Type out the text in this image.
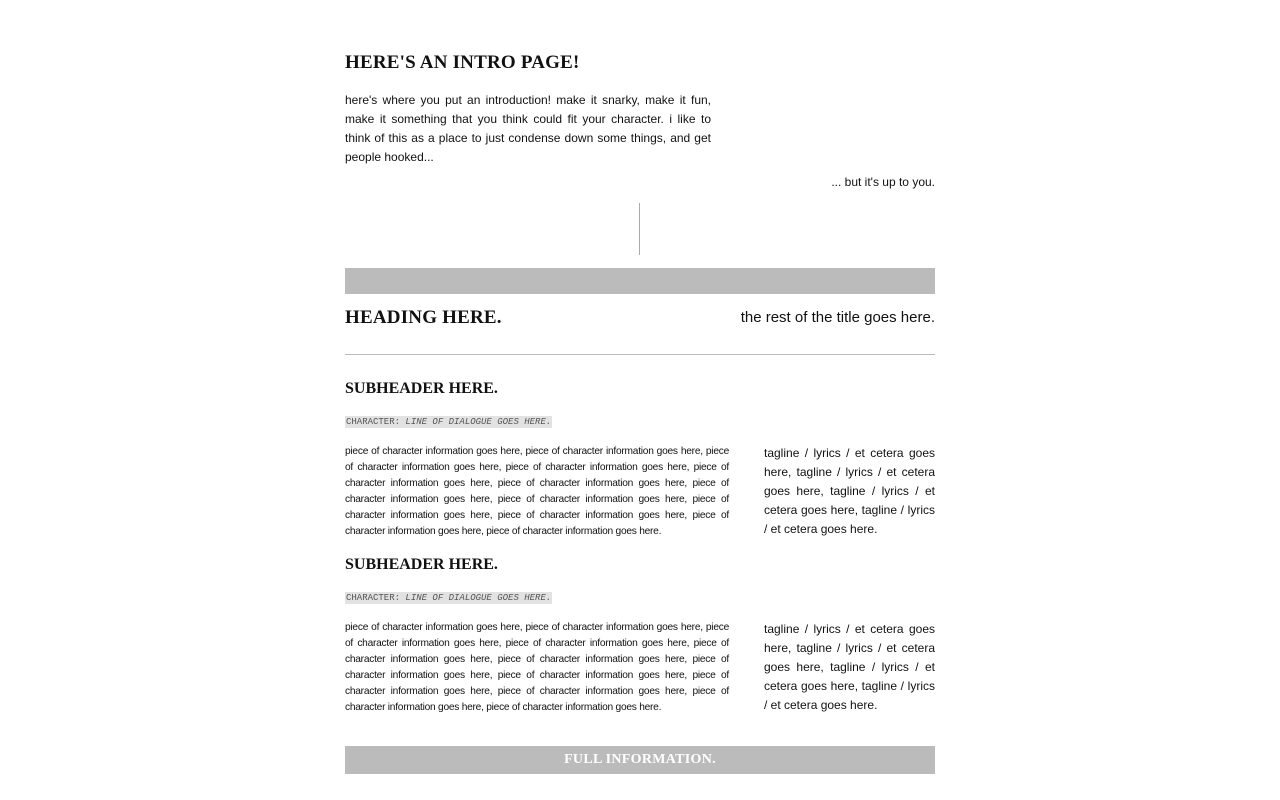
HERE'S AN INTRO PAGE!

here's where you put an introduction! make it snarky, make it fun, make it something that you think could fit your character. i like to think of this as a place to just condense down some things, and get people hooked...

... but it's up to you.
HEADING HERE.	the rest of the title goes here.
SUBHEADER HERE.
CHARACTER: LINE OF DIALOGUE GOES HERE.

piece of character information goes here, piece of character information goes here, piece of character information goes here, piece of character information goes here, piece of character information goes here, piece of character information goes here, piece of character information goes here, piece of character information goes here, piece of character information goes here, piece of character information goes here, piece of character information goes here, piece of character information goes here.

tagline / lyrics / et cetera goes here, tagline / lyrics / et cetera goes here, tagline / lyrics / et cetera goes here, tagline / lyrics / et cetera goes here.

SUBHEADER HERE.
CHARACTER: LINE OF DIALOGUE GOES HERE.

piece of character information goes here, piece of character information goes here, piece of character information goes here, piece of character information goes here, piece of character information goes here, piece of character information goes here, piece of character information goes here, piece of character information goes here, piece of character information goes here, piece of character information goes here, piece of character information goes here, piece of character information goes here.

tagline / lyrics / et cetera goes here, tagline / lyrics / et cetera goes here, tagline / lyrics / et cetera goes here, tagline / lyrics / et cetera goes here.

FULL INFORMATION.
